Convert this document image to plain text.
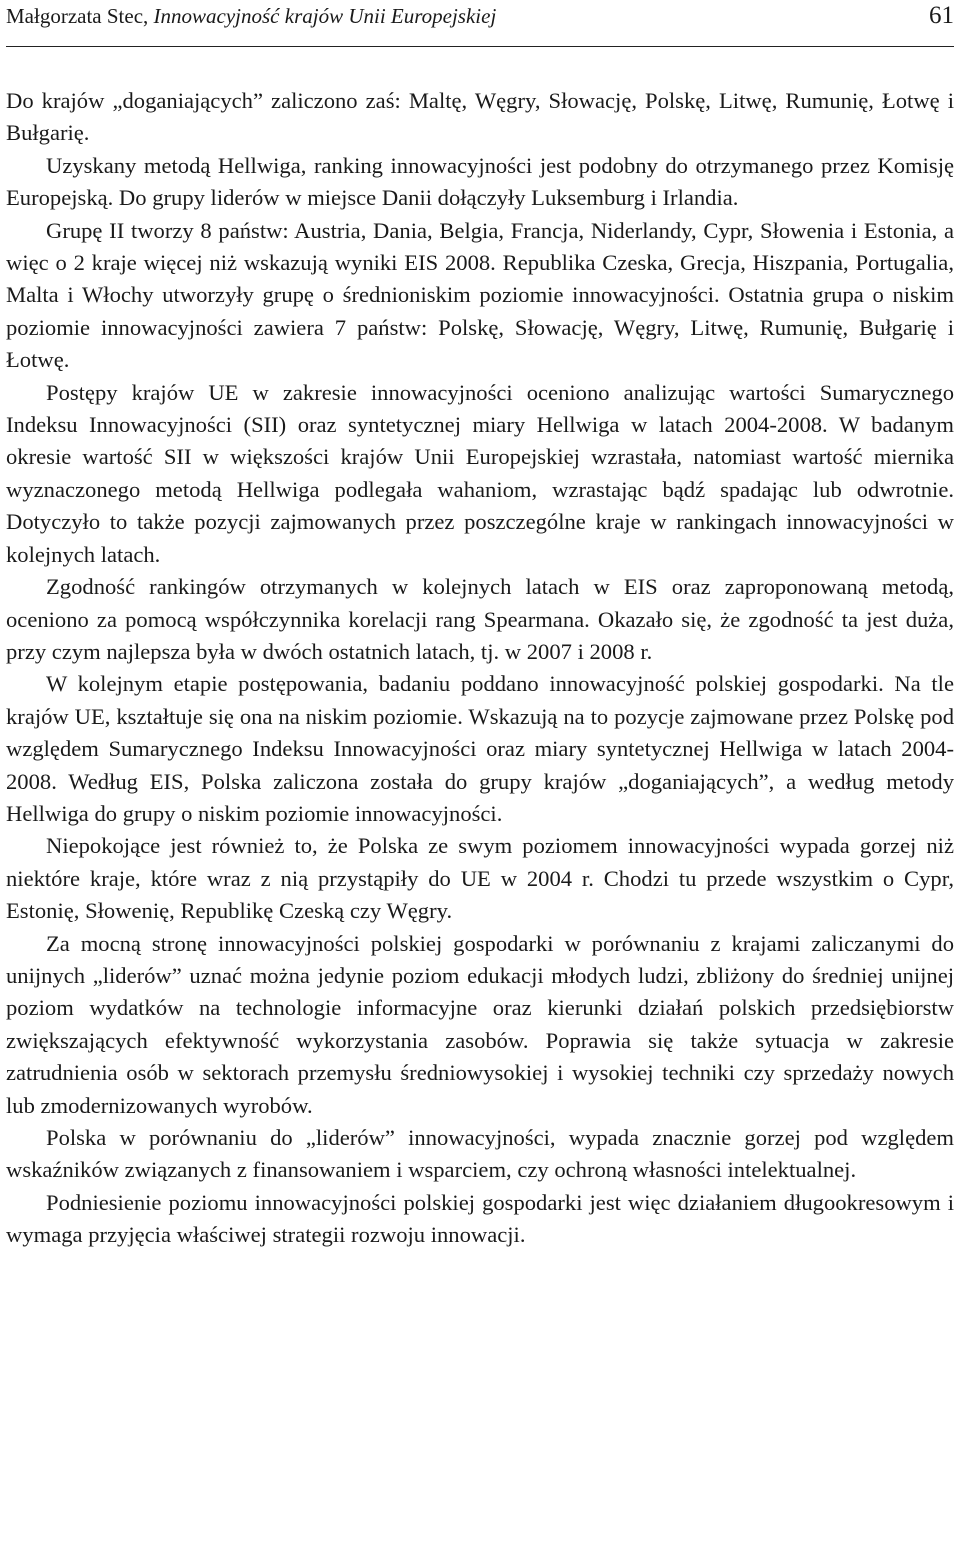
Małgorzata Stec, Innowacyjność krajów Unii Europejskiej	61

Do krajów „doganiających” zaliczono zaś: Maltę, Węgry, Słowację, Polskę, Litwę, Rumunię, Łotwę i Bułgarię.

Uzyskany metodą Hellwiga, ranking innowacyjności jest podobny do otrzymanego przez Komisję Europejską. Do grupy liderów w miejsce Danii dołączyły Luksemburg i Irlandia.

Grupę II tworzy 8 państw: Austria, Dania, Belgia, Francja, Niderlandy, Cypr, Słowenia i Estonia, a więc o 2 kraje więcej niż wskazują wyniki EIS 2008. Republika Czeska, Grecja, Hiszpania, Portugalia, Malta i Włochy utworzyły grupę o średnioniskim poziomie innowacyjności. Ostatnia grupa o niskim poziomie innowacyjności zawiera 7 państw: Polskę, Słowację, Węgry, Litwę, Rumunię, Bułgarię i Łotwę.

Postępy krajów UE w zakresie innowacyjności oceniono analizując wartości Sumarycznego Indeksu Innowacyjności (SII) oraz syntetycznej miary Hellwiga w latach 2004-2008. W badanym okresie wartość SII w większości krajów Unii Europejskiej wzrastała, natomiast wartość miernika wyznaczonego metodą Hellwiga podlegała wahaniom, wzrastając bądź spadając lub odwrotnie. Dotyczyło to także pozycji zajmowanych przez poszczególne kraje w rankingach innowacyjności w kolejnych latach.

Zgodność rankingów otrzymanych w kolejnych latach w EIS oraz zaproponowaną metodą, oceniono za pomocą współczynnika korelacji rang Spearmana. Okazało się, że zgodność ta jest duża, przy czym najlepsza była w dwóch ostatnich latach, tj. w 2007 i 2008 r.

W kolejnym etapie postępowania, badaniu poddano innowacyjność polskiej gospodarki. Na tle krajów UE, kształtuje się ona na niskim poziomie. Wskazują na to pozycje zajmowane przez Polskę pod względem Sumarycznego Indeksu Innowacyjności oraz miary syntetycznej Hellwiga w latach 2004-2008. Według EIS, Polska zaliczona została do grupy krajów „doganiających”, a według metody Hellwiga do grupy o niskim poziomie innowacyjności.

Niepokojące jest również to, że Polska ze swym poziomem innowacyjności wypada gorzej niż niektóre kraje, które wraz z nią przystąpiły do UE w 2004 r. Chodzi tu przede wszystkim o Cypr, Estonię, Słowenię, Republikę Czeską czy Węgry.

Za mocną stronę innowacyjności polskiej gospodarki w porównaniu z krajami zaliczanymi do unijnych „liderów” uznać można jedynie poziom edukacji młodych ludzi, zbliżony do średniej unijnej poziom wydatków na technologie informacyjne oraz kierunki działań polskich przedsiębiorstw zwiększających efektywność wykorzystania zasobów. Poprawia się także sytuacja w zakresie zatrudnienia osób w sektorach przemysłu średniowysokiej i wysokiej techniki czy sprzedaży nowych lub zmodernizowanych wyrobów.

Polska w porównaniu do „liderów” innowacyjności, wypada znacznie gorzej pod względem wskaźników związanych z finansowaniem i wsparciem, czy ochroną własności intelektualnej.

Podniesienie poziomu innowacyjności polskiej gospodarki jest więc działaniem długookresowym i wymaga przyjęcia właściwej strategii rozwoju innowacji.
